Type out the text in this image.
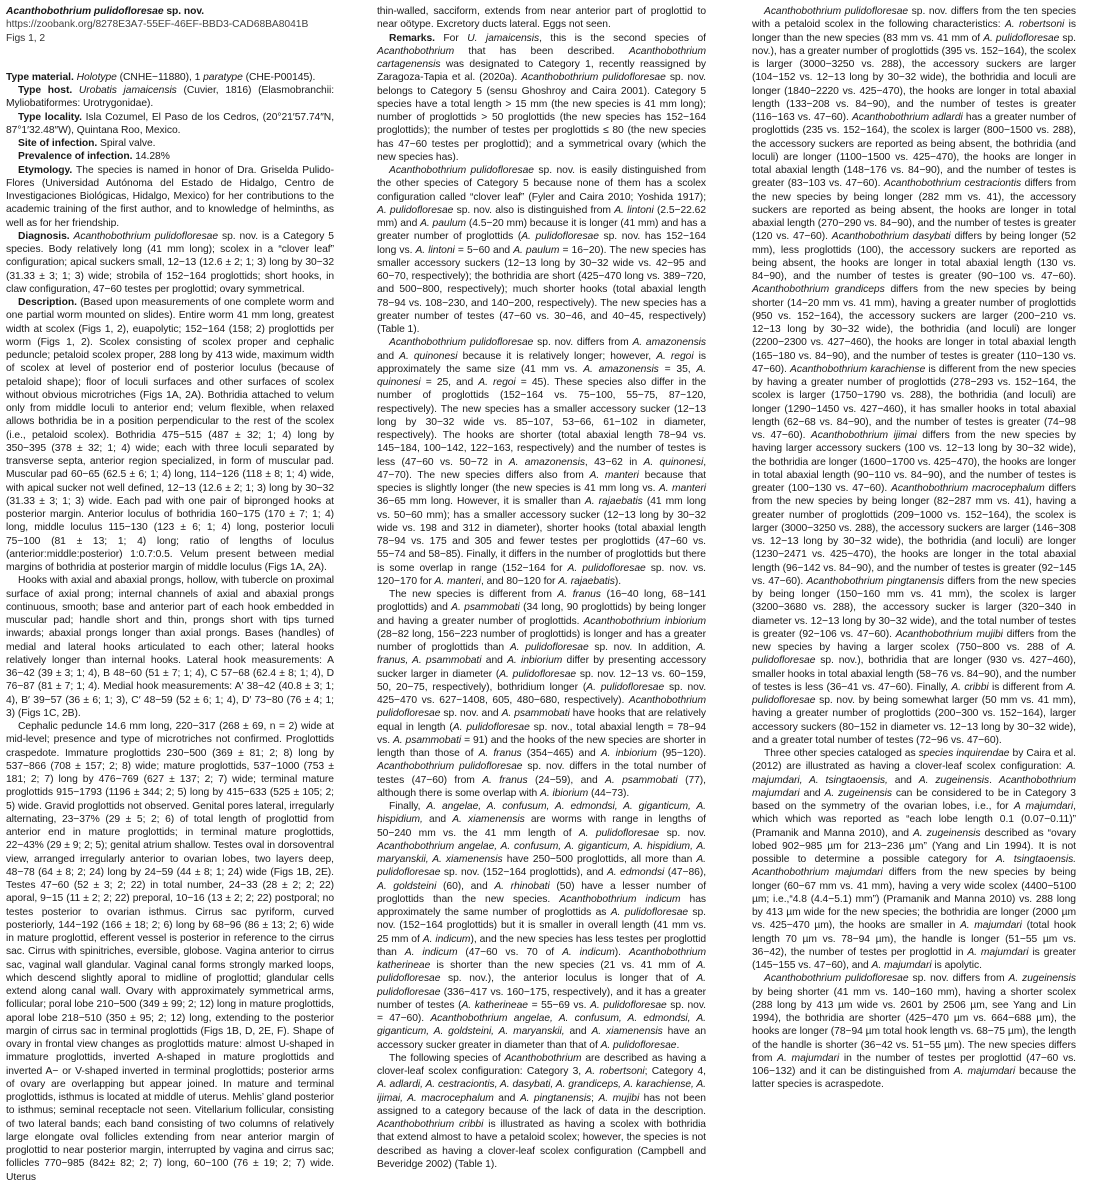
Acanthobothrium pulidofloresae sp. nov.
https://zoobank.org/8278E3A7-55EF-46EF-BBD3-CAD68BA8041B
Figs 1, 2

Type material. Holotype (CNHE−11880), 1 paratype (CHE-P00145).

Type host. Urobatis jamaicensis (Cuvier, 1816) (Elasmobranchii: Myliobatiformes: Urotrygonidae).

Type locality. Isla Cozumel, El Paso de los Cedros, (20°21′57.74″N, 87°1′32.48″W), Quintana Roo, Mexico.

Site of infection. Spiral valve.

Prevalence of infection. 14.28%

Etymology. The species is named in honor of Dra. Griselda Pulido-Flores (Universidad Autónoma del Estado de Hidalgo, Centro de Investigaciones Biológicas, Hidalgo, Mexico) for her contributions to the academic training of the first author, and to knowledge of helminths, as well as for her friendship.

Diagnosis. Acanthobothrium pulidofloresae sp. nov. is a Category 5 species. Body relatively long (41 mm long); scolex in a “clover leaf” configuration; apical suckers small, 12−13 (12.6 ± 2; 1; 3) long by 30−32 (31.33 ± 3; 1; 3) wide; strobila of 152−164 proglottids; short hooks, in claw configuration, 47−60 testes per proglottid; ovary symmetrical.

Description. (Based upon measurements of one complete worm and one partial worm mounted on slides). Entire worm 41 mm long, greatest width at scolex (Figs 1, 2), euapolytic; 152−164 (158; 2) proglottids per worm (Figs 1, 2). Scolex consisting of scolex proper and cephalic peduncle; petaloid scolex proper, 288 long by 413 wide, maximum width of scolex at level of posterior end of posterior loculus (because of petaloid shape); floor of loculi surfaces and other surfaces of scolex without obvious microtriches (Figs 1A, 2A). Bothridia attached to velum only from middle loculi to anterior end; velum flexible, when relaxed allows bothridia be in a position perpendicular to the rest of the scolex (i.e., petaloid scolex). Bothridia 475−515 (487 ± 32; 1; 4) long by 350−395 (378 ± 32; 1; 4) wide; each with three loculi separated by transverse septa, anterior region specialized, in form of muscular pad. Muscular pad 60−65 (62.5 ± 6; 1; 4) long, 114−126 (118 ± 8; 1; 4) wide, with apical sucker not well defined, 12−13 (12.6 ± 2; 1; 3) long by 30−32 (31.33 ± 3; 1; 3) wide. Each pad with one pair of bipronged hooks at posterior margin. Anterior loculus of bothridia 160−175 (170 ± 7; 1; 4) long, middle loculus 115−130 (123 ± 6; 1; 4) long, posterior loculi 75−100 (81 ± 13; 1; 4) long; ratio of lengths of loculus (anterior:middle:posterior) 1:0.7:0.5. Velum present between medial margins of bothridia at posterior margin of middle loculus (Figs 1A, 2A).

Hooks with axial and abaxial prongs, hollow, with tubercle on proximal surface of axial prong; internal channels of axial and abaxial prongs continuous, smooth; base and anterior part of each hook embedded in muscular pad; handle short and thin, prongs short with tips turned inwards; abaxial prongs longer than axial prongs. Bases (handles) of medial and lateral hooks articulated to each other; lateral hooks relatively longer than internal hooks. Lateral hook measurements: A 36−42 (39 ± 3; 1; 4), B 48−60 (51 ± 7; 1; 4), C 57−68 (62.4 ± 8; 1; 4), D 76−87 (81 ± 7; 1; 4). Medial hook measurements: A′ 38−42 (40.8 ± 3; 1; 4), B′ 39−57 (36 ± 6; 1; 3), C′ 48−59 (52 ± 6; 1; 4), D′ 73−80 (76 ± 4; 1; 3) (Figs 1C, 2B).

Cephalic peduncle 14.6 mm long, 220−317 (268 ± 69, n = 2) wide at mid-level; presence and type of microtriches not confirmed. Proglottids craspedote. Immature proglottids 230−500 (369 ± 81; 2; 8) long by 537−866 (708 ± 157; 2; 8) wide; mature proglottids, 537−1000 (753 ± 181; 2; 7) long by 476−769 (627 ± 137; 2; 7) wide; terminal mature proglottids 915−1793 (1196 ± 344; 2; 5) long by 415−633 (525 ± 105; 2; 5) wide. Gravid proglottids not observed. Genital pores lateral, irregularly alternating, 23−37% (29 ± 5; 2; 6) of total length of proglottid from anterior end in mature proglottids; in terminal mature proglottids, 22−43% (29 ± 9; 2; 5); genital atrium shallow. Testes oval in dorsoventral view, arranged irregularly anterior to ovarian lobes, two layers deep, 48−78 (64 ± 8; 2; 24) long by 24−59 (44 ± 8; 1; 24) wide (Figs 1B, 2E). Testes 47−60 (52 ± 3; 2; 22) in total number, 24−33 (28 ± 2; 2; 22) aporal, 9−15 (11 ± 2; 2; 22) preporal, 10−16 (13 ± 2; 2; 22) postporal; no testes posterior to ovarian isthmus. Cirrus sac pyriform, curved posteriorly, 144−192 (166 ± 18; 2; 6) long by 68−96 (86 ± 13; 2; 6) wide in mature proglottid, efferent vessel is posterior in reference to the cirrus sac. Cirrus with spinitriches, eversible, globose. Vagina anterior to cirrus sac, vaginal wall glandular. Vaginal canal forms strongly marked loops, which descend slightly aporal to midline of proglottid; glandular cells extend along canal wall. Ovary with approximately symmetrical arms, follicular; poral lobe 210−500 (349 ± 99; 2; 12) long in mature proglottids, aporal lobe 218−510 (350 ± 95; 2; 12) long, extending to the posterior margin of cirrus sac in terminal proglottids (Figs 1B, D, 2E, F). Shape of ovary in frontal view changes as proglottids mature: almost U-shaped in immature proglottids, inverted A-shaped in mature proglottids and inverted A− or V-shaped inverted in terminal proglottids; posterior arms of ovary are overlapping but appear joined. In mature and terminal proglottids, isthmus is located at middle of uterus. Mehlis’ gland posterior to isthmus; seminal receptacle not seen. Vitellarium follicular, consisting of two lateral bands; each band consisting of two columns of relatively large elongate oval follicles extending from near anterior margin of proglottid to near posterior margin, interrupted by vagina and cirrus sac; follicles 770−985 (842± 82; 2; 7) long, 60−100 (76 ± 19; 2; 7) wide. Uterus

thin-walled, sacciform, extends from near anterior part of proglottid to near oötype. Excretory ducts lateral. Eggs not seen.

Remarks. For U. jamaicensis, this is the second species of Acanthobothrium that has been described. Acanthobothrium cartagenensis was designated to Category 1, recently reassigned by Zaragoza-Tapia et al. (2020a). Acanthobothrium pulidofloresae sp. nov. belongs to Category 5 (sensu Ghoshroy and Caira 2001). Category 5 species have a total length > 15 mm (the new species is 41 mm long); number of proglottids > 50 proglottids (the new species has 152−164 proglottids); the number of testes per proglottids ≤ 80 (the new species has 47−60 testes per proglottid); and a symmetrical ovary (which the new species has).

Acanthobothrium pulidofloresae sp. nov. is easily distinguished from the other species of Category 5 because none of them has a scolex configuration called “clover leaf” (Fyler and Caira 2010; Yoshida 1917); A. pulidofloresae sp. nov. also is distinguished from A. lintoni (2.5−22.62 mm) and A. paulum (4.5−20 mm) because it is longer (41 mm) and has a greater number of proglottids (A. pulidofloresae sp. nov. has 152−164 long vs. A. lintoni = 5−60 and A. paulum = 16−20). The new species has smaller accessory suckers (12−13 long by 30−32 wide vs. 42−95 and 60−70, respectively); the bothridia are short (425−470 long vs. 389−720, and 500−800, respectively); much shorter hooks (total abaxial length 78−94 vs. 108−230, and 140−200, respectively). The new species has a greater number of testes (47−60 vs. 30−46, and 40−45, respectively) (Table 1).

Acanthobothrium pulidofloresae sp. nov. differs from A. amazonensis and A. quinonesi because it is relatively longer; however, A. regoi is approximately the same size (41 mm vs. A. amazonensis = 35, A. quinonesi = 25, and A. regoi = 45). These species also differ in the number of proglottids (152−164 vs. 75−100, 55−75, 87−120, respectively). The new species has a smaller accessory sucker (12−13 long by 30−32 wide vs. 85−107, 53−66, 61−102 in diameter, respectively). The hooks are shorter (total abaxial length 78−94 vs. 145−184, 100−142, 122−163, respectively) and the number of testes is less (47−60 vs. 50−72 in A. amazonensis, 43−62 in A. quinonesi, 47−70). The new species differs also from A. manteri because that species is slightly longer (the new species is 41 mm long vs. A. manteri 36−65 mm long. However, it is smaller than A. rajaebatis (41 mm long vs. 50−60 mm); has a smaller accessory sucker (12−13 long by 30−32 wide vs. 198 and 312 in diameter), shorter hooks (total abaxial length 78−94 vs. 175 and 305 and fewer testes per proglottids (47−60 vs. 55−74 and 58−85). Finally, it differs in the number of proglottids but there is some overlap in range (152−164 for A. pulidofloresae sp. nov. vs. 120−170 for A. manteri, and 80−120 for A. rajaebatis).

The new species is different from A. franus (16−40 long, 68−141 proglottids) and A. psammobati (34 long, 90 proglottids) by being longer and having a greater number of proglottids. Acanthobothrium inbiorium (28−82 long, 156−223 number of proglottids) is longer and has a greater number of proglottids than A. pulidofloresae sp. nov. In addition, A. franus, A. psammobati and A. inbiorium differ by presenting accessory sucker larger in diameter (A. pulidofloresae sp. nov. 12−13 vs. 60−159, 50, 20−75, respectively), bothridium longer (A. pulidofloresae sp. nov. 425−470 vs. 627−1408, 605, 480−680, respectively). Acanthobothrium pulidofloresae sp. nov. and A. psammobati have hooks that are relatively equal in length (A. pulidofloresae sp. nov., total abaxial length = 78−94 vs. A. psammobati = 91) and the hooks of the new species are shorter in length than those of A. franus (354−465) and A. inbiorium (95−120). Acanthobothrium pulidofloresae sp. nov. differs in the total number of testes (47−60) from A. franus (24−59), and A. psammobati (77), although there is some overlap with A. ibiorium (44−73).

Finally, A. angelae, A. confusum, A. edmondsi, A. giganticum, A. hispidium, and A. xiamenensis are worms with range in lengths of 50−240 mm vs. the 41 mm length of A. pulidofloresae sp. nov. Acanthobothrium angelae, A. confusum, A. giganticum, A. hispidium, A. maryanskii, A. xiamenensis have 250−500 proglottids, all more than A. pulidofloresae sp. nov. (152−164 proglottids), and A. edmondsi (47−86), A. goldsteini (60), and A. rhinobati (50) have a lesser number of proglottids than the new species. Acanthobothrium indicum has approximately the same number of proglottids as A. pulidofloresae sp. nov. (152−164 proglottids) but it is smaller in overall length (41 mm vs. 25 mm of A. indicum), and the new species has less testes per proglottid than A. indicum (47−60 vs. 70 of A. indicum). Acanthobothrium katherineae is shorter than the new species (21 vs. 41 mm of A. pulidofloresae sp. nov.), the anterior loculus is longer that of A. pulidofloresae (336−417 vs. 160−175, respectively), and it has a greater number of testes (A. katherineae = 55−69 vs. A. pulidofloresae sp. nov. = 47−60). Acanthobothrium angelae, A. confusum, A. edmondsi, A. giganticum, A. goldsteini, A. maryanskii, and A. xiamenensis have an accessory sucker greater in diameter than that of A. pulidofloresae.

The following species of Acanthobothrium are described as having a clover-leaf scolex configuration: Category 3, A. robertsoni; Category 4, A. adlardi, A. cestraciontis, A. dasybati, A. grandiceps, A. karachiense, A. ijimai, A. macrocephalum and A. pingtanensis; A. mujibi has not been assigned to a category because of the lack of data in the description. Acanthobothrium cribbi is illustrated as having a scolex with bothridia that extend almost to have a petaloid scolex; however, the species is not described as having a clover-leaf scolex configuration (Campbell and Beveridge 2002) (Table 1).

Acanthobothrium pulidofloresae sp. nov. differs from the ten species with a petaloid scolex in the following characteristics: A. robertsoni is longer than the new species (83 mm vs. 41 mm of A. pulidofloresae sp. nov.), has a greater number of proglottids (395 vs. 152−164), the scolex is larger (3000−3250 vs. 288), the accessory suckers are larger (104−152 vs. 12−13 long by 30−32 wide), the bothridia and loculi are longer (1840−2220 vs. 425−470), the hooks are longer in total abaxial length (133−208 vs. 84−90), and the number of testes is greater (116−163 vs. 47−60). Acanthobothrium adlardi has a greater number of proglottids (235 vs. 152−164), the scolex is larger (800−1500 vs. 288), the accessory suckers are reported as being absent, the bothridia (and loculi) are longer (1100−1500 vs. 425−470), the hooks are longer in total abaxial length (148−176 vs. 84−90), and the number of testes is greater (83−103 vs. 47−60). Acanthobothrium cestraciontis differs from the new species by being longer (282 mm vs. 41), the accessory suckers are reported as being absent, the hooks are longer in total abaxial length (270−290 vs. 84−90), and the number of testes is greater (120 vs. 47−60). Acanthobothrium dasybati differs by being longer (52 mm), less proglottids (100), the accessory suckers are reported as being absent, the hooks are longer in total abaxial length (130 vs. 84−90), and the number of testes is greater (90−100 vs. 47−60). Acanthobothrium grandiceps differs from the new species by being shorter (14−20 mm vs. 41 mm), having a greater number of proglottids (950 vs. 152−164), the accessory suckers are larger (200−210 vs. 12−13 long by 30−32 wide), the bothridia (and loculi) are longer (2200−2300 vs. 427−460), the hooks are longer in total abaxial length (165−180 vs. 84−90), and the number of testes is greater (110−130 vs. 47−60). Acanthobothrium karachiense is different from the new species by having a greater number of proglottids (278−293 vs. 152−164, the scolex is larger (1750−1790 vs. 288), the bothridia (and loculi) are longer (1290−1450 vs. 427−460), it has smaller hooks in total abaxial length (62−68 vs. 84−90), and the number of testes is greater (74−98 vs. 47−60). Acanthobothrium ijimai differs from the new species by having larger accessory suckers (100 vs. 12−13 long by 30−32 wide), the bothridia are longer (1600−1700 vs. 425−470), the hooks are longer in total abaxial length (90−110 vs. 84−90), and the number of testes is greater (100−130 vs. 47−60). Acanthobothrium macrocephalum differs from the new species by being longer (82−287 mm vs. 41), having a greater number of proglottids (209−1000 vs. 152−164), the scolex is larger (3000−3250 vs. 288), the accessory suckers are larger (146−308 vs. 12−13 long by 30−32 wide), the bothridia (and loculi) are longer (1230−2471 vs. 425−470), the hooks are longer in the total abaxial length (96−142 vs. 84−90), and the number of testes is greater (92−145 vs. 47−60). Acanthobothrium pingtanensis differs from the new species by being longer (150−160 mm vs. 41 mm), the scolex is larger (3200−3680 vs. 288), the accessory sucker is larger (320−340 in diameter vs. 12−13 long by 30−32 wide), and the total number of testes is greater (92−106 vs. 47−60). Acanthobothrium mujibi differs from the new species by having a larger scolex (750−800 vs. 288 of A. pulidofloresae sp. nov.), bothridia that are longer (930 vs. 427−460), smaller hooks in total abaxial length (58−76 vs. 84−90), and the number of testes is less (36−41 vs. 47−60). Finally, A. cribbi is different from A. pulidofloresae sp. nov. by being somewhat larger (50 mm vs. 41 mm), having a greater number of proglottids (200−300 vs. 152−164), larger accessory suckers (80−152 in diameter vs. 12−13 long by 30−32 wide), and a greater total number of testes (72−96 vs. 47−60).

Three other species cataloged as species inquirendae by Caira et al. (2012) are illustrated as having a clover-leaf scolex configuration: A. majumdari, A. tsingtaoensis, and A. zugeinensis. Acanthobothrium majumdari and A. zugeinensis can be considered to be in Category 3 based on the symmetry of the ovarian lobes, i.e., for A majumdari, which which was reported as “each lobe length 0.1 (0.07−0.11)” (Pramanik and Manna 2010), and A. zugeinensis described as “ovary lobed 902−985 µm for 213−236 µm” (Yang and Lin 1994). It is not possible to determine a possible category for A. tsingtaoensis. Acanthobothrium majumdari differs from the new species by being longer (60−67 mm vs. 41 mm), having a very wide scolex (4400−5100 µm; i.e.,“4.8 (4.4−5.1) mm”) (Pramanik and Manna 2010) vs. 288 long by 413 µm wide for the new species; the bothridia are longer (2000 µm vs. 425−470 µm), the hooks are smaller in A. majumdari (total hook length 70 µm vs. 78−94 µm), the handle is longer (51−55 µm vs. 36−42), the number of testes per proglottid in A. majumdari is greater (145−155 vs. 47−60), and A. majumdari is apolytic.

Acanthobothrium pulidofloresae sp. nov. differs from A. zugeinensis by being shorter (41 mm vs. 140−160 mm), having a shorter scolex (288 long by 413 µm wide vs. 2601 by 2506 µm, see Yang and Lin 1994), the bothridia are shorter (425−470 µm vs. 664−688 µm), the hooks are longer (78−94 µm total hook length vs. 68−75 µm), the length of the handle is shorter (36−42 vs. 51−55 µm). The new species differs from A. majumdari in the number of testes per proglottid (47−60 vs. 106−132) and it can be distinguished from A. majumdari because the latter species is acraspedote.
